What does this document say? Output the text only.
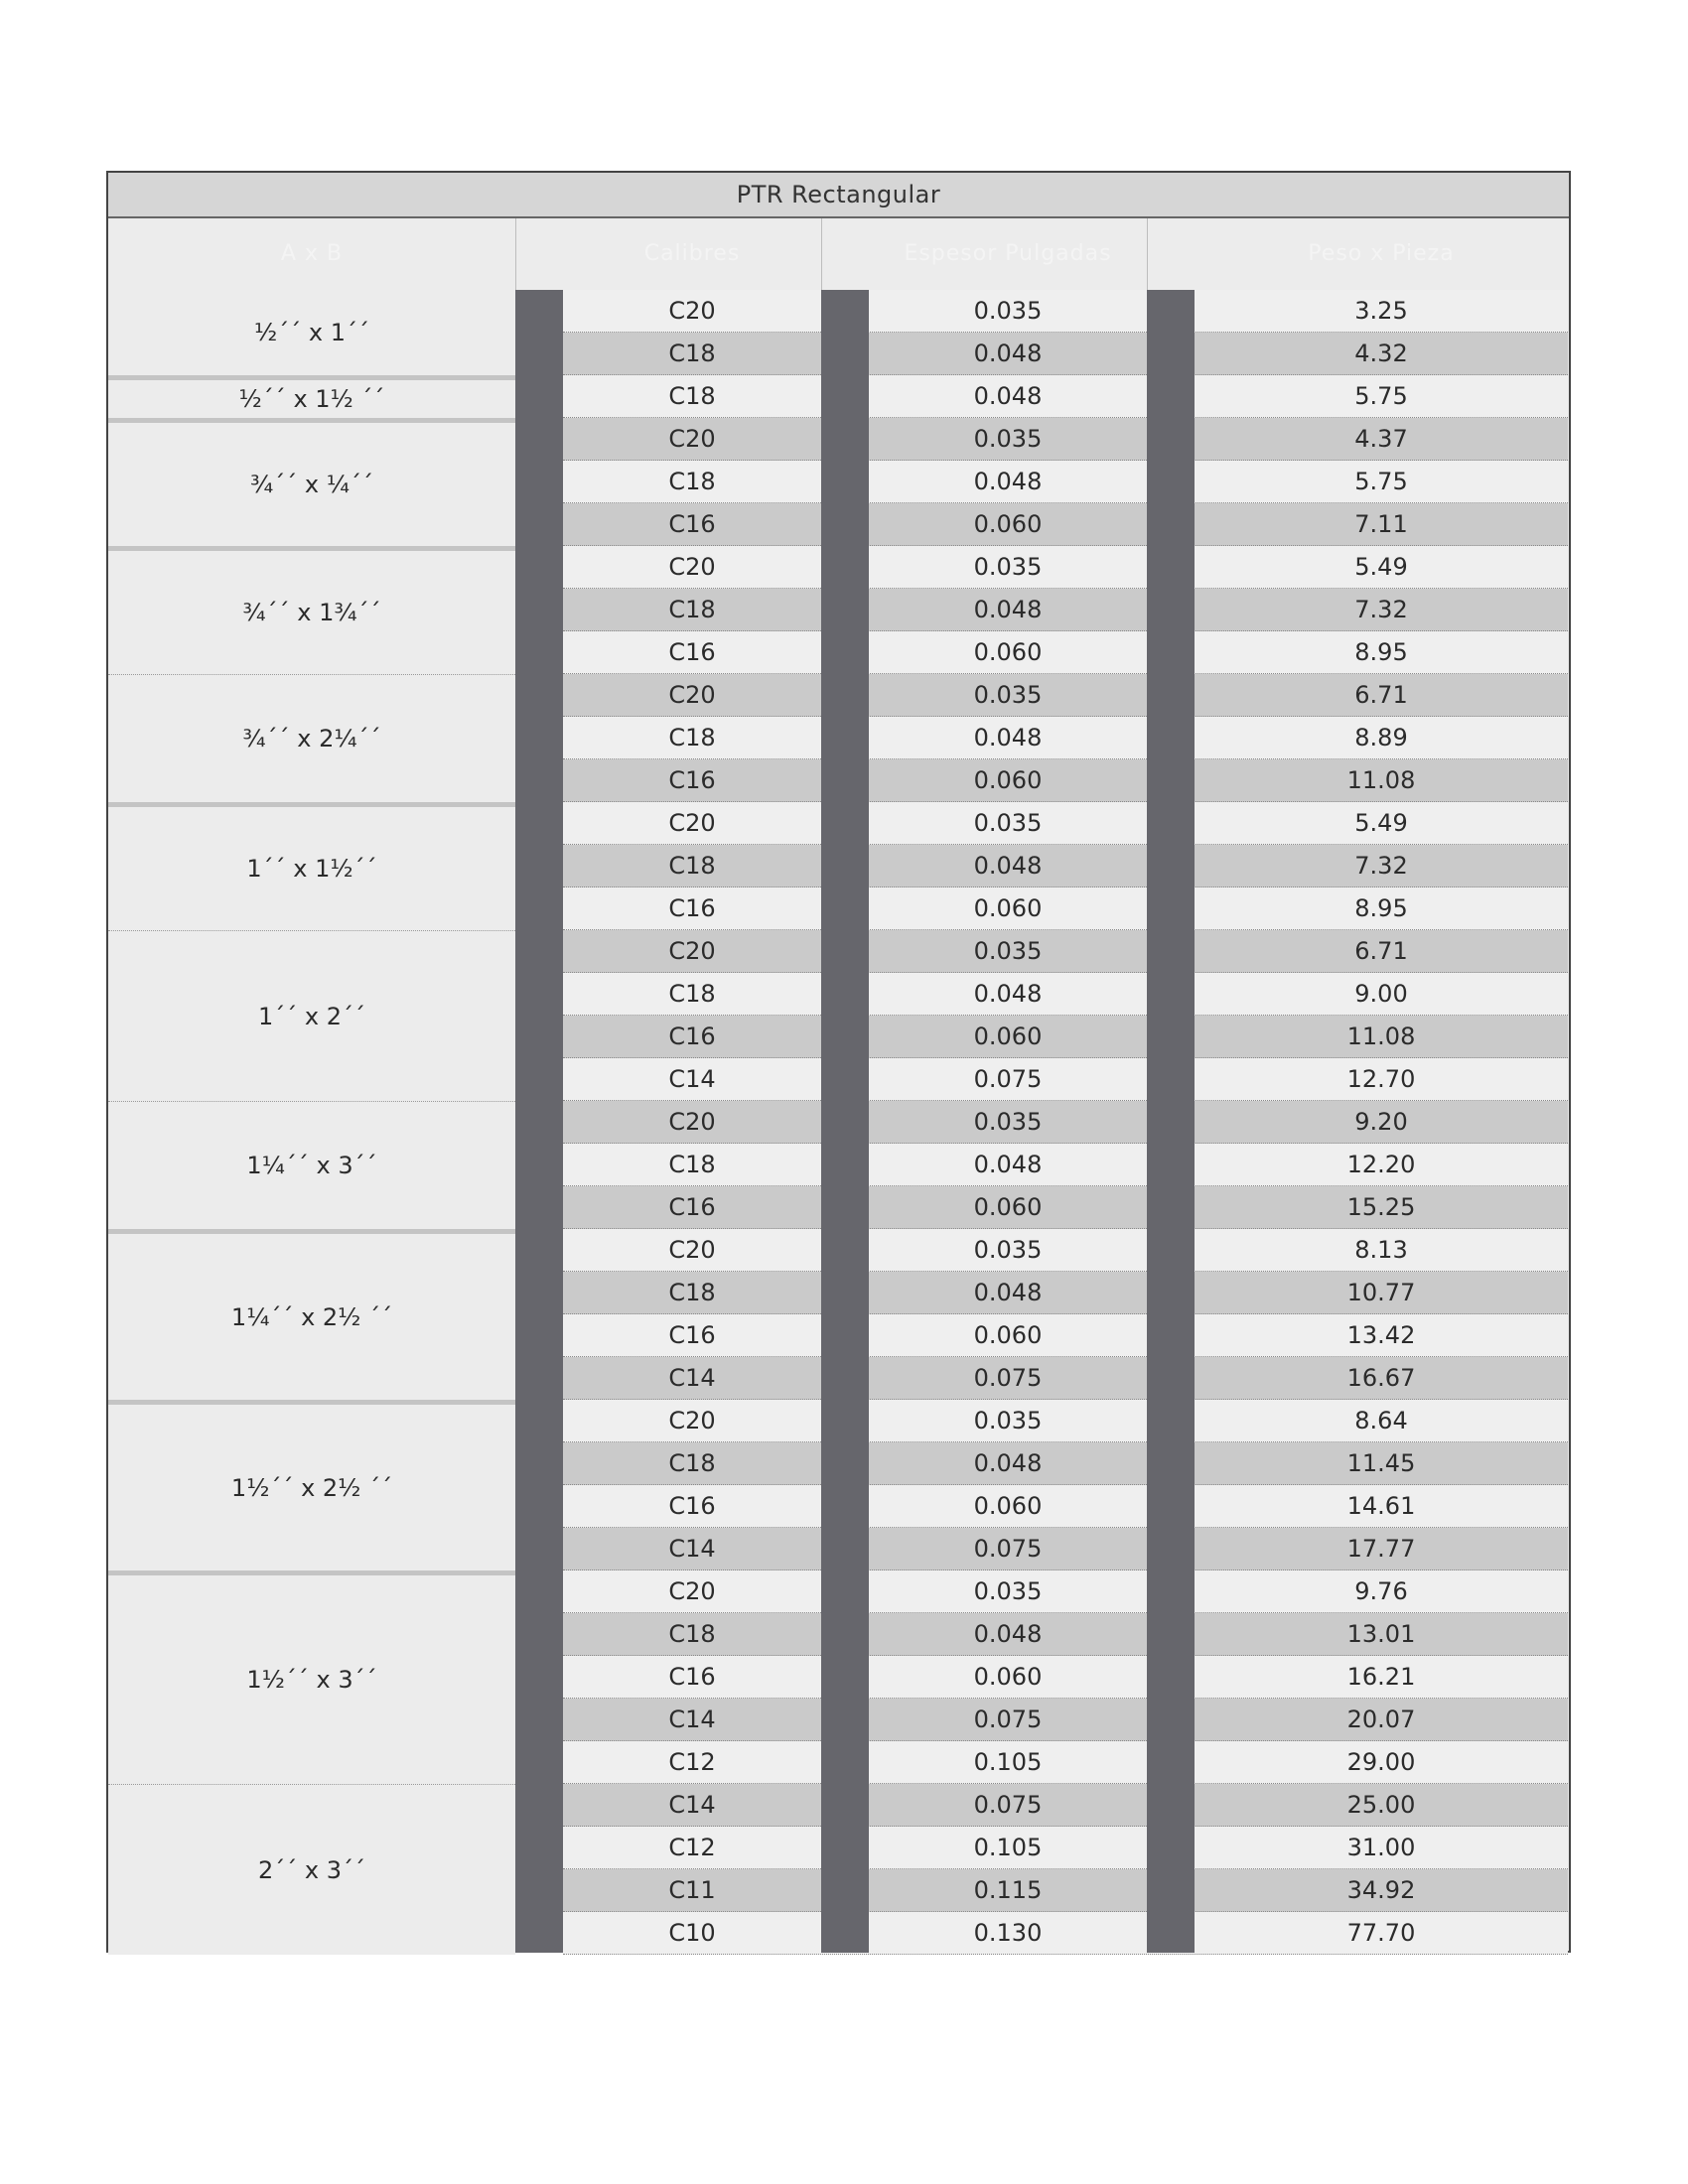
PTR Rectangular
A x B	Calibres	Espesor Pulgadas	Peso x Pieza
½´´ x 1´´
C20	0.035	3.25
C18	0.048	4.32
½´´ x 1½ ´´	C18	0.048	5.75
¾´´ x ¼´´
C20	0.035	4.37
C18	0.048	5.75
C16	0.060	7.11
¾´´ x 1¾´´
C20	0.035	5.49
C18	0.048	7.32
C16	0.060	8.95
¾´´ x 2¼´´
C20	0.035	6.71
C18	0.048	8.89
C16	0.060	11.08
1´´ x 1½´´
C20	0.035	5.49
C18	0.048	7.32
C16	0.060	8.95
1´´ x 2´´
C20	0.035	6.71
C18	0.048	9.00
C16	0.060	11.08
C14	0.075	12.70
1¼´´ x 3´´
C20	0.035	9.20
C18	0.048	12.20
C16	0.060	15.25
1¼´´ x 2½ ´´
C20	0.035	8.13
C18	0.048	10.77
C16	0.060	13.42
C14	0.075	16.67
1½´´ x 2½ ´´
C20	0.035	8.64
C18	0.048	11.45
C16	0.060	14.61
C14	0.075	17.77
1½´´ x 3´´
C20	0.035	9.76
C18	0.048	13.01
C16	0.060	16.21
C14	0.075	20.07
C12	0.105	29.00
2´´ x 3´´
C14	0.075	25.00
C12	0.105	31.00
C11	0.115	34.92
C10	0.130	77.70
